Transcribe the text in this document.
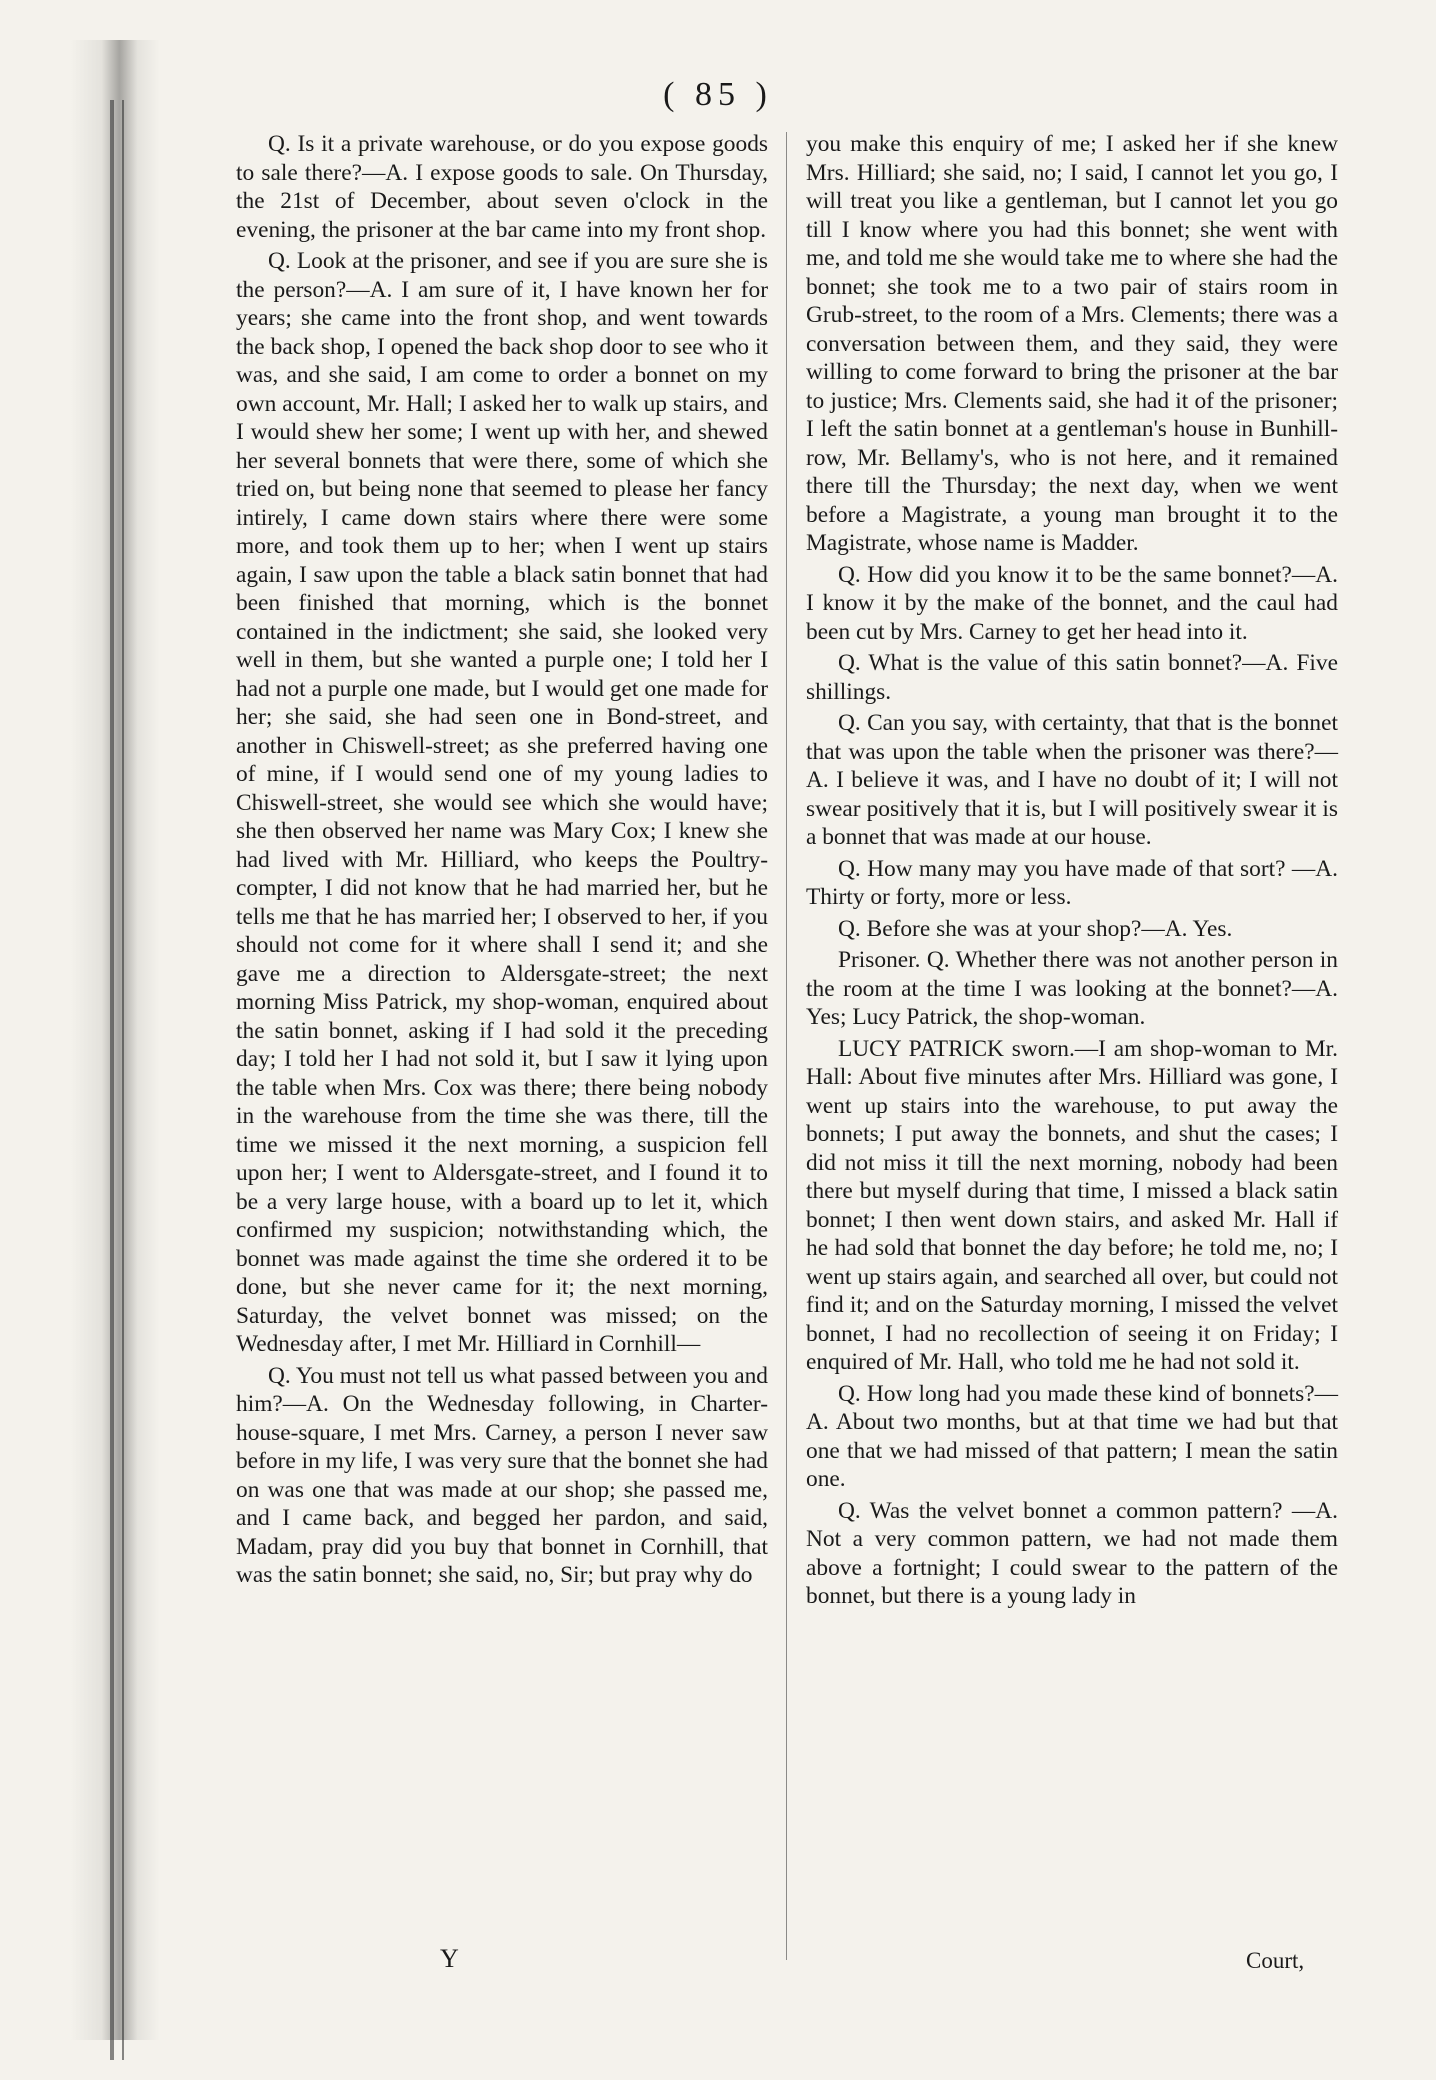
( 85 )

Q. Is it a private warehouse, or do you expose goods to sale there?—A. I expose goods to sale. On Thursday, the 21st of December, about seven o'clock in the evening, the prisoner at the bar came into my front shop.

Q. Look at the prisoner, and see if you are sure she is the person?—A. I am sure of it, I have known her for years; she came into the front shop, and went towards the back shop, I opened the back shop door to see who it was, and she said, I am come to order a bonnet on my own account, Mr. Hall; I asked her to walk up stairs, and I would shew her some; I went up with her, and shewed her several bonnets that were there, some of which she tried on, but being none that seemed to please her fancy intirely, I came down stairs where there were some more, and took them up to her; when I went up stairs again, I saw upon the table a black satin bonnet that had been finished that morning, which is the bonnet contained in the indictment; she said, she looked very well in them, but she wanted a purple one; I told her I had not a purple one made, but I would get one made for her; she said, she had seen one in Bond-street, and another in Chiswell-street; as she preferred having one of mine, if I would send one of my young ladies to Chiswell-street, she would see which she would have; she then observed her name was Mary Cox; I knew she had lived with Mr. Hilliard, who keeps the Poultry-compter, I did not know that he had married her, but he tells me that he has married her; I observed to her, if you should not come for it where shall I send it; and she gave me a direction to Aldersgate-street; the next morning Miss Patrick, my shop-woman, enquired about the satin bonnet, asking if I had sold it the preceding day; I told her I had not sold it, but I saw it lying upon the table when Mrs. Cox was there; there being nobody in the warehouse from the time she was there, till the time we missed it the next morning, a suspicion fell upon her; I went to Aldersgate-street, and I found it to be a very large house, with a board up to let it, which confirmed my suspicion; notwithstanding which, the bonnet was made against the time she ordered it to be done, but she never came for it; the next morning, Saturday, the velvet bonnet was missed; on the Wednesday after, I met Mr. Hilliard in Cornhill—

Q. You must not tell us what passed between you and him?—A. On the Wednesday following, in Charter-house-square, I met Mrs. Carney, a person I never saw before in my life, I was very sure that the bonnet she had on was one that was made at our shop; she passed me, and I came back, and begged her pardon, and said, Madam, pray did you buy that bonnet in Cornhill, that was the satin bonnet; she said, no, Sir; but pray why do

you make this enquiry of me; I asked her if she knew Mrs. Hilliard; she said, no; I said, I cannot let you go, I will treat you like a gentleman, but I cannot let you go till I know where you had this bonnet; she went with me, and told me she would take me to where she had the bonnet; she took me to a two pair of stairs room in Grub-street, to the room of a Mrs. Clements; there was a conversation between them, and they said, they were willing to come forward to bring the prisoner at the bar to justice; Mrs. Clements said, she had it of the prisoner; I left the satin bonnet at a gentleman's house in Bunhill-row, Mr. Bellamy's, who is not here, and it remained there till the Thursday; the next day, when we went before a Magistrate, a young man brought it to the Magistrate, whose name is Madder.

Q. How did you know it to be the same bonnet?—A. I know it by the make of the bonnet, and the caul had been cut by Mrs. Carney to get her head into it.

Q. What is the value of this satin bonnet?—A. Five shillings.

Q. Can you say, with certainty, that that is the bonnet that was upon the table when the prisoner was there?—A. I believe it was, and I have no doubt of it; I will not swear positively that it is, but I will positively swear it is a bonnet that was made at our house.

Q. How many may you have made of that sort? —A. Thirty or forty, more or less.

Q. Before she was at your shop?—A. Yes.

Prisoner. Q. Whether there was not another person in the room at the time I was looking at the bonnet?—A. Yes; Lucy Patrick, the shop-woman.

LUCY PATRICK sworn.—I am shop-woman to Mr. Hall: About five minutes after Mrs. Hilliard was gone, I went up stairs into the warehouse, to put away the bonnets; I put away the bonnets, and shut the cases; I did not miss it till the next morning, nobody had been there but myself during that time, I missed a black satin bonnet; I then went down stairs, and asked Mr. Hall if he had sold that bonnet the day before; he told me, no; I went up stairs again, and searched all over, but could not find it; and on the Saturday morning, I missed the velvet bonnet, I had no recollection of seeing it on Friday; I enquired of Mr. Hall, who told me he had not sold it.

Q. How long had you made these kind of bonnets?—A. About two months, but at that time we had but that one that we had missed of that pattern; I mean the satin one.

Q. Was the velvet bonnet a common pattern? —A. Not a very common pattern, we had not made them above a fortnight; I could swear to the pattern of the bonnet, but there is a young lady in

Y	Court,
